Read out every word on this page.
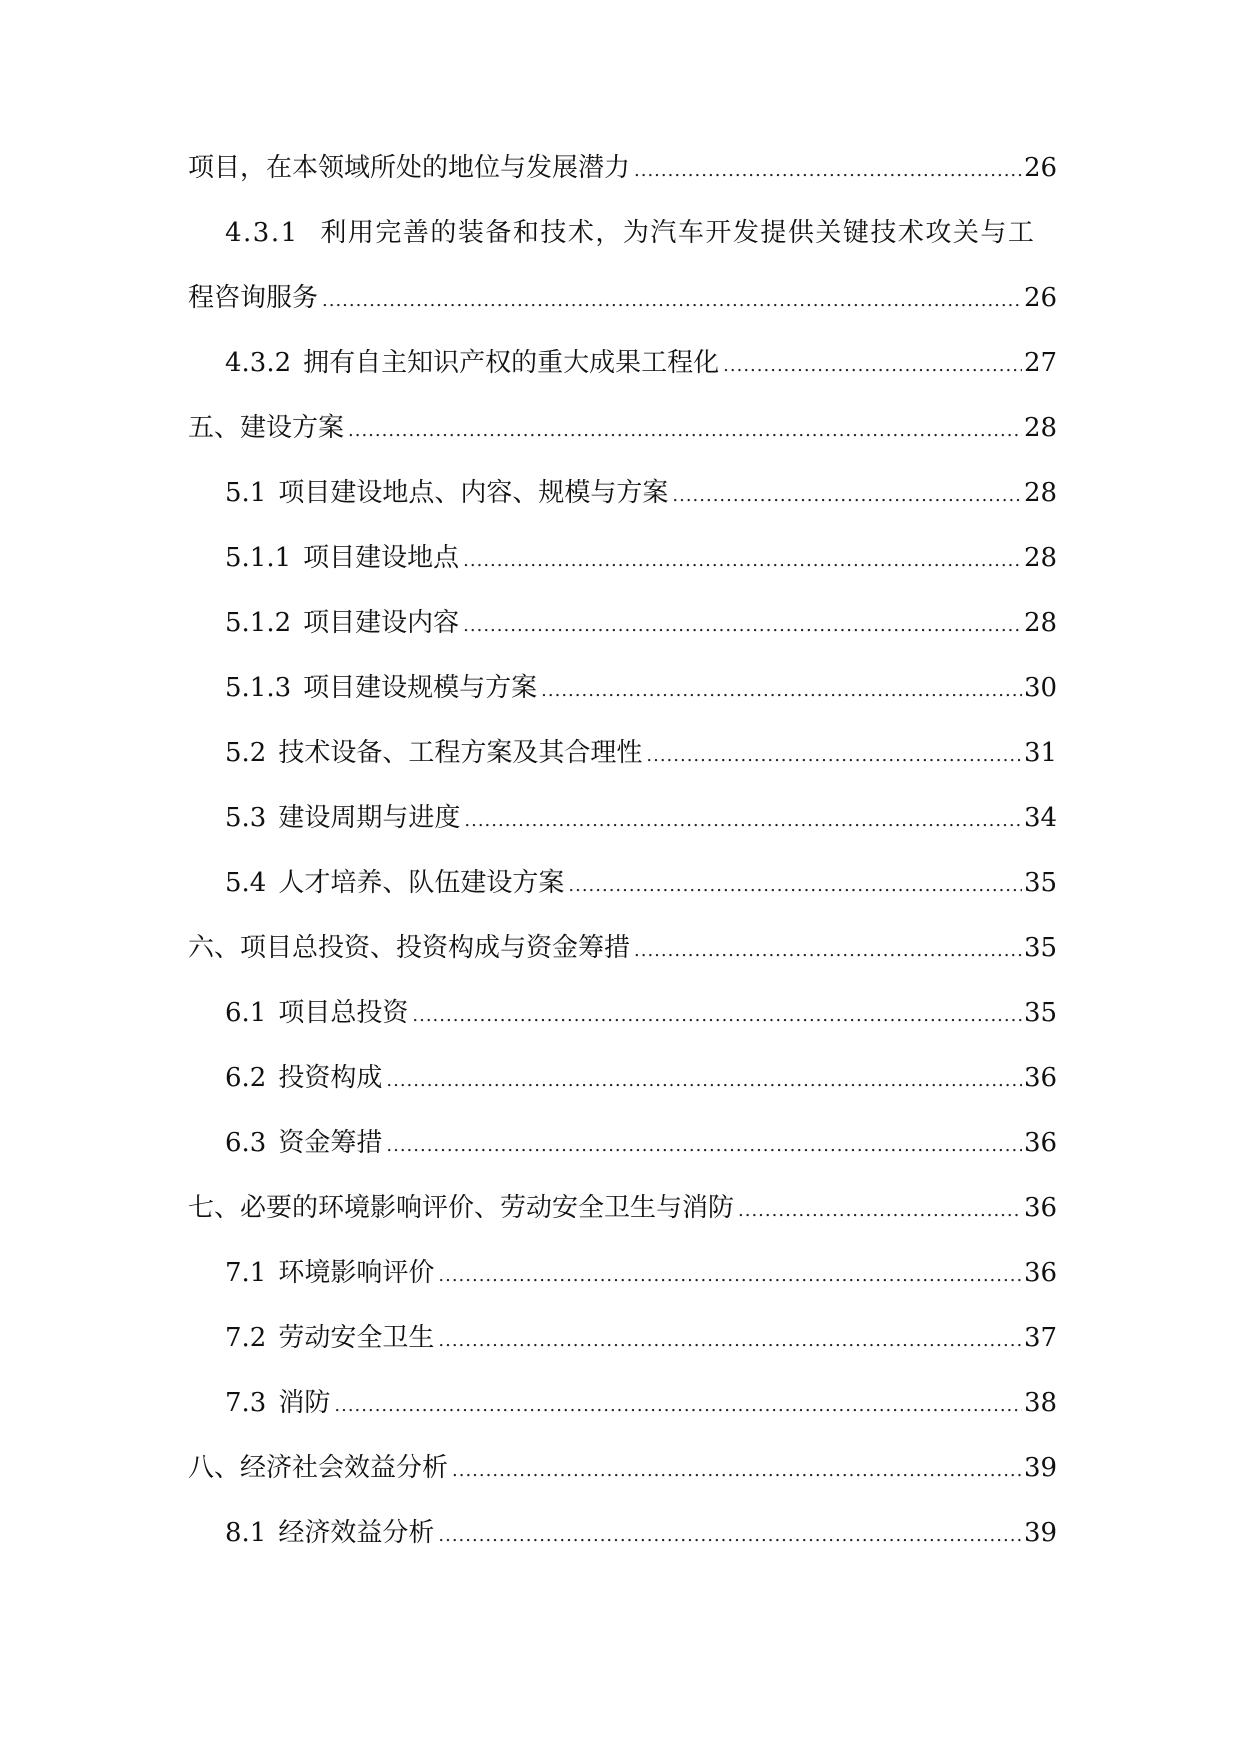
项目，在本领域所处的地位与发展潜力 .....	26
4.3.1 利用完善的装备和技术，为汽车开发提供关键技术攻关与工
程咨询服务 .....	26
4.3.2 拥有自主知识产权的重大成果工程化 .....	27
五、建设方案 .....	28
5.1 项目建设地点、内容、规模与方案 .....	28
5.1.1 项目建设地点 .....	28
5.1.2 项目建设内容 .....	28
5.1.3 项目建设规模与方案 .....	30
5.2 技术设备、工程方案及其合理性 .....	31
5.3 建设周期与进度 .....	34
5.4 人才培养、队伍建设方案 .....	35
六、项目总投资、投资构成与资金筹措 .....	35
6.1 项目总投资 .....	35
6.2 投资构成 .....	36
6.3 资金筹措 .....	36
七、必要的环境影响评价、劳动安全卫生与消防 .....	36
7.1 环境影响评价 .....	36
7.2 劳动安全卫生 .....	37
7.3 消防 .....	38
八、经济社会效益分析 .....	39
8.1 经济效益分析 .....	39
